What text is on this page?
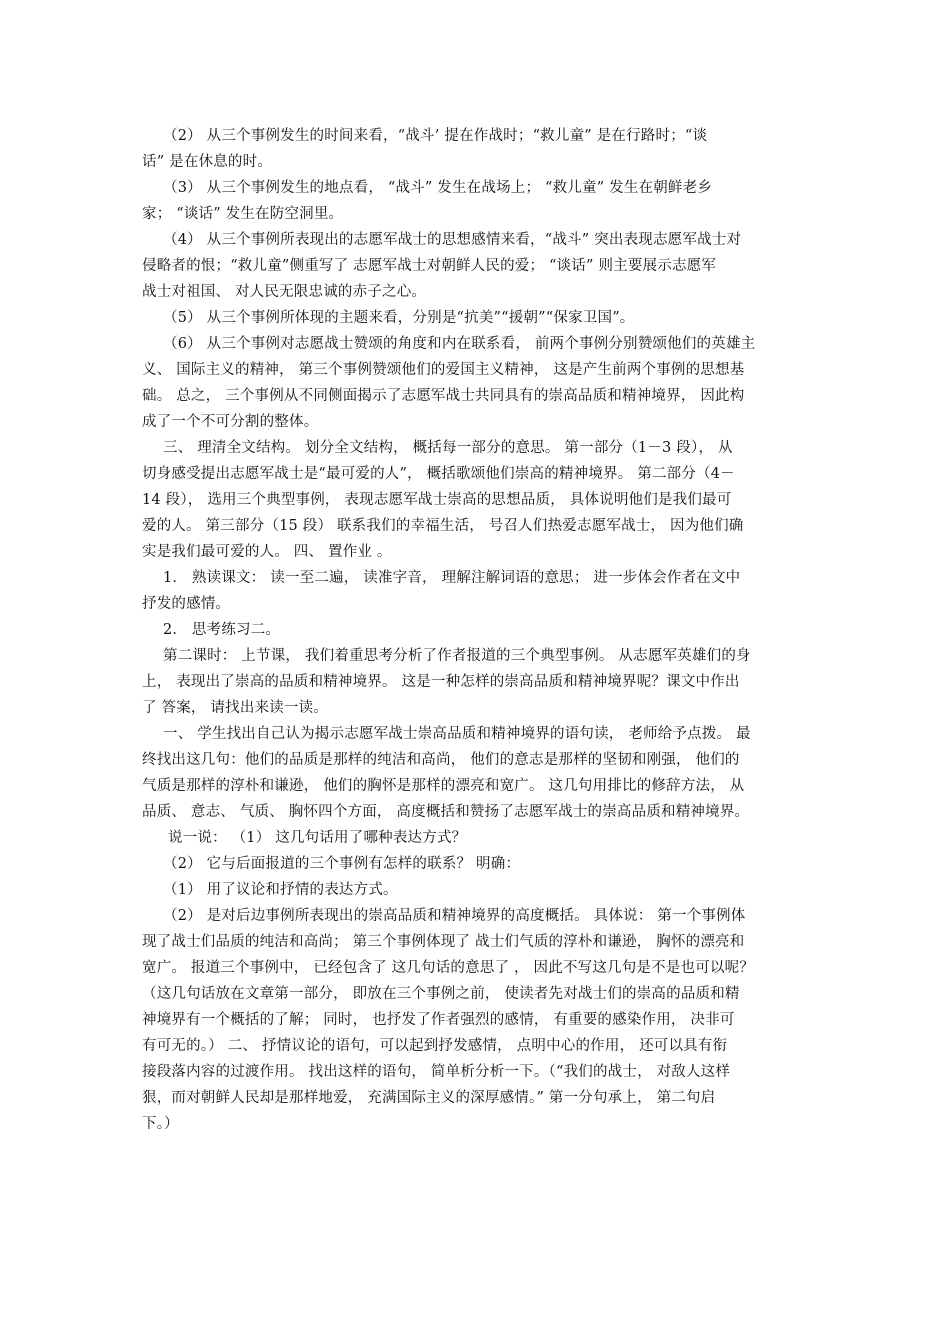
（2） 从三个事例发生的时间来看，“战斗’ 提在作战时；“救儿童” 是在行路时；“谈
话” 是在休息的时。
（3） 从三个事例发生的地点看， “战斗” 发生在战场上； “救儿童” 发生在朝鲜老乡
家； “谈话” 发生在防空洞里。
（4） 从三个事例所表现出的志愿军战士的思想感情来看，“战斗” 突出表现志愿军战士对
侵略者的恨；“救儿童”侧重写了 志愿军战士对朝鲜人民的爱； “谈话” 则主要展示志愿军
战士对祖国、 对人民无限忠诚的赤子之心。
（5） 从三个事例所体现的主题来看，分别是“抗美”“援朝”“保家卫国”。
（6） 从三个事例对志愿战士赞颂的角度和内在联系看， 前两个事例分别赞颂他们的英雄主
义、 国际主义的精神， 第三个事例赞颂他们的爱国主义精神， 这是产生前两个事例的思想基
础。 总之， 三个事例从不同侧面揭示了志愿军战士共同具有的崇高品质和精神境界， 因此构
成了一个不可分割的整体。
三、 理清全文结构。 划分全文结构， 概括每一部分的意思。 第一部分（1－3 段）， 从
切身感受提出志愿军战士是“最可爱的人”， 概括歌颂他们崇高的精神境界。 第二部分（4－
14 段）， 选用三个典型事例， 表现志愿军战士崇高的思想品质， 具体说明他们是我们最可
爱的人。 第三部分（15 段） 联系我们的幸福生活， 号召人们热爱志愿军战士， 因为他们确
实是我们最可爱的人。 四、 置作业 。
1． 熟读课文： 读一至二遍， 读准字音， 理解注解词语的意思； 进一步体会作者在文中
抒发的感情。
2． 思考练习二。
第二课时： 上节课， 我们着重思考分析了作者报道的三个典型事例。 从志愿军英雄们的身
上， 表现出了崇高的品质和精神境界。 这是一种怎样的崇高品质和精神境界呢？课文中作出
了 答案， 请找出来读一读。
一、 学生找出自己认为揭示志愿军战士崇高品质和精神境界的语句读， 老师给予点拨。 最
终找出这几句：他们的品质是那样的纯洁和高尚， 他们的意志是那样的坚韧和刚强， 他们的
气质是那样的淳朴和谦逊， 他们的胸怀是那样的漂亮和宽广。 这几句用排比的修辞方法， 从
品质、 意志、 气质、 胸怀四个方面， 高度概括和赞扬了志愿军战士的崇高品质和精神境界。
说一说： （1） 这几句话用了哪种表达方式？
（2） 它与后面报道的三个事例有怎样的联系？ 明确：
（1） 用了议论和抒情的表达方式。
（2） 是对后边事例所表现出的崇高品质和精神境界的高度概括。 具体说： 第一个事例体
现了战士们品质的纯洁和高尚； 第三个事例体现了 战士们气质的淳朴和谦逊， 胸怀的漂亮和
宽广。 报道三个事例中， 已经包含了 这几句话的意思了 ， 因此不写这几句是不是也可以呢？
（这几句话放在文章第一部分， 即放在三个事例之前， 使读者先对战士们的崇高的品质和精
神境界有一个概括的了解； 同时， 也抒发了作者强烈的感情， 有重要的感染作用， 决非可
有可无的。） 二、 抒情议论的语句，可以起到抒发感情， 点明中心的作用， 还可以具有衔
接段落内容的过渡作用。 找出这样的语句， 简单析分析一下。（“我们的战士， 对敌人这样
狠，而对朝鲜人民却是那样地爱， 充满国际主义的深厚感情。” 第一分句承上， 第二句启
下。）
